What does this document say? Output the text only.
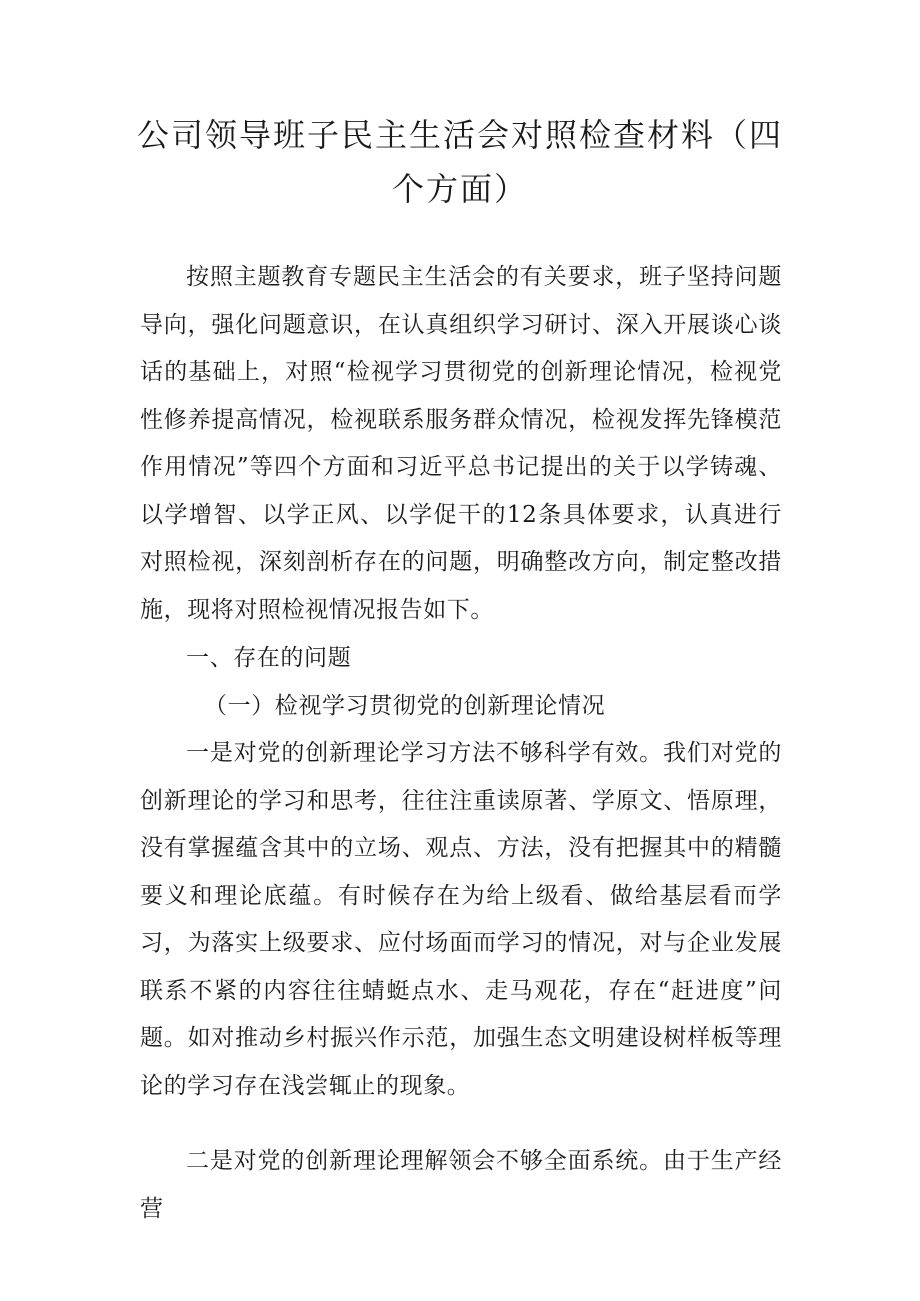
公司领导班子民主生活会对照检查材料（四个方面）

按照主题教育专题民主生活会的有关要求，班子坚持问题导向，强化问题意识，在认真组织学习研讨、深入开展谈心谈话的基础上，对照“检视学习贯彻党的创新理论情况，检视党性修养提高情况，检视联系服务群众情况，检视发挥先锋模范作用情况”等四个方面和习近平总书记提出的关于以学铸魂、以学增智、以学正风、以学促干的12条具体要求，认真进行对照检视，深刻剖析存在的问题，明确整改方向，制定整改措施，现将对照检视情况报告如下。

一、存在的问题

（一）检视学习贯彻党的创新理论情况

一是对党的创新理论学习方法不够科学有效。我们对党的创新理论的学习和思考，往往注重读原著、学原文、悟原理，没有掌握蕴含其中的立场、观点、方法，没有把握其中的精髓要义和理论底蕴。有时候存在为给上级看、做给基层看而学习，为落实上级要求、应付场面而学习的情况，对与企业发展联系不紧的内容往往蜻蜓点水、走马观花，存在“赶进度”问题。如对推动乡村振兴作示范，加强生态文明建设树样板等理论的学习存在浅尝辄止的现象。

二是对党的创新理论理解领会不够全面系统。由于生产经营
